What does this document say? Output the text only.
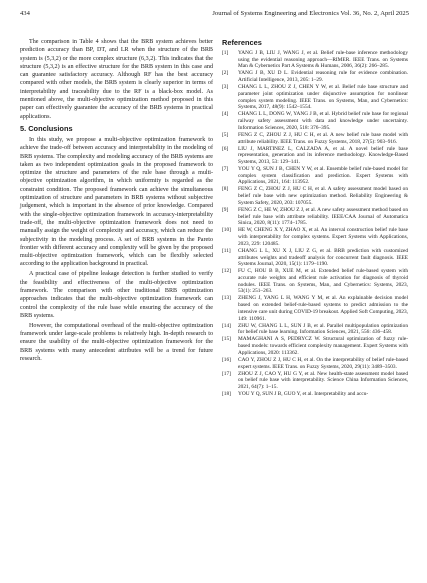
434	Journal of Systems Engineering and Electronics Vol. 36, No. 2, April 2025

The comparison in Table 4 shows that the BRB system achieves better prediction accuracy than BP, DT, and LR when the structure of the BRB system is (5,3,2) or the more complex structure (6,3,2). This indicates that the structure (5,3,2) is an effective structure for the BRB system in this case and can guarantee satisfactory accuracy. Although RF has the best accuracy compared with other models, the BRB system is clearly superior in terms of interpretability and traceability due to the RF is a black-box model. As mentioned above, the multi-objective optimization method proposed in this paper can effectively guarantee the accuracy of the BRB systems in practical applications.

5. Conclusions

In this study, we propose a multi-objective optimization framework to achieve the trade-off between accuracy and interpretability in the modeling of BRB systems. The complexity and modeling accuracy of the BRB systems are taken as two independent optimization goals in the proposed framework to optimize the structure and parameters of the rule base through a multi-objective optimization algorithm, in which uniformity is regarded as the constraint condition. The proposed framework can achieve the simultaneous optimization of structure and parameters in BRB systems without subjective judgement, which is important in the absence of prior knowledge. Compared with the single-objective optimization framework in accuracy-interpretability trade-off, the multi-objective optimization framework does not need to manually assign the weight of complexity and accuracy, which can reduce the subjectivity in the modeling process. A set of BRB systems in the Pareto frontier with different accuracy and complexity will be given by the proposed multi-objective optimization framework, which can be flexibly selected according to the application background in practical.

A practical case of pipeline leakage detection is further studied to verify the feasibility and effectiveness of the multi-objective optimization framework. The comparison with other traditional BRB optimization approaches indicates that the multi-objective optimization framework can control the complexity of the rule base while ensuring the accuracy of the BRB systems.

However, the computational overhead of the multi-objective optimization framework under large-scale problems is relatively high. In-depth research to ensure the usability of the multi-objective optimization framework for the BRB systems with many antecedent attributes will be a trend for future research.

References
[1]	YANG J B, LIU J, WANG J, et al. Belief rule-base inference methodology using the evidential reasoning approach—RIMER. IEEE Trans. on Systems Man & Cybernetics Part A Systems & Humans, 2006, 36(2): 266–285.
[2]	YANG J B, XU D L. Evidential reasoning rule for evidence combination. Artificial Intelligence, 2013, 205: 1–29.
[3]	CHANG L L, ZHOU Z J, CHEN Y W, et al. Belief rule base structure and parameter joint optimization under disjunctive assumption for nonlinear complex system modeling. IEEE Trans. on Systems, Man, and Cybernetics: Systems, 2017, 48(9): 1542–1554.
[4]	CHANG L L, DONG W, YANG J B, et al. Hybrid belief rule base for regional railway safety assessment with data and knowledge under uncertainty. Information Sciences, 2020, 518: 376–395.
[5]	FENG Z C, ZHOU Z J, HU C H, et al. A new belief rule base model with attribute reliability. IEEE Trans. on Fuzzy Systems, 2018, 27(5): 903–916.
[6]	LIU J, MARTINEZ L, CALZADA A, et al. A novel belief rule base representation, generation and its inference methodology. Knowledge-Based Systems, 2013, 53: 129–141.
[7]	YOU Y Q, SUN J B, CHEN Y W, et al. Ensemble belief rule-based model for complex system classification and prediction. Expert Systems with Applications, 2021, 164: 113952.
[8]	FENG Z C, ZHOU Z J, HU C H, et al. A safety assessment model based on belief rule base with new optimization method. Reliability Engineering & System Safety, 2020, 203: 107055.
[9]	FENG Z C, HE W, ZHOU Z J, et al. A new safety assessment method based on belief rule base with attribute reliability. IEEE/CAA Journal of Automatica Sinica, 2020, 8(11): 1774–1785.
[10]	HE W, CHENG X Y, ZHAO X, et al. An interval construction belief rule base with interpretability for complex systems. Expert Systems with Applications, 2023, 229: 120485.
[11]	CHANG L L, XU X J, LIU Z G, et al. BRB prediction with customized attributes weights and tradeoff analysis for concurrent fault diagnosis. IEEE Systems Journal, 2020, 15(1): 1179–1190.
[12]	FU C, HOU B B, XUE M, et al. Extended belief rule-based system with accurate rule weights and efficient rule activation for diagnosis of thyroid nodules. IEEE Trans. on Systems, Man, and Cybernetics: Systems, 2023, 53(1): 251–263.
[13]	ZHENG J, YANG L H, WANG Y M, et al. An explainable decision model based on extended belief-rule-based systems to predict admission to the intensive care unit during COVID-19 breakout. Applied Soft Computing, 2023, 149: 110961.
[14]	ZHU W, CHANG L L, SUN J B, et al. Parallel multipopulation optimization for belief rule base learning. Information Sciences, 2021, 556: 436–458.
[15]	MAMAGHANI A S, PEDRYCZ W. Structural optimization of fuzzy rule-based models: towards efficient complexity management. Expert Systems with Applications, 2020: 113362.
[16]	CAO Y, ZHOU Z J, HU C H, et al. On the interpretability of belief rule-based expert systems. IEEE Trans. on Fuzzy Systems, 2020, 29(11): 3489–3503.
[17]	ZHOU Z J, CAO Y, HU G Y, et al. New health-state assessment model based on belief rule base with interpretability. Science China Information Sciences, 2021, 64(7): 1–15.
[18]	YOU Y Q, SUN J B, GUO Y, et al. Interpretability and accu-
